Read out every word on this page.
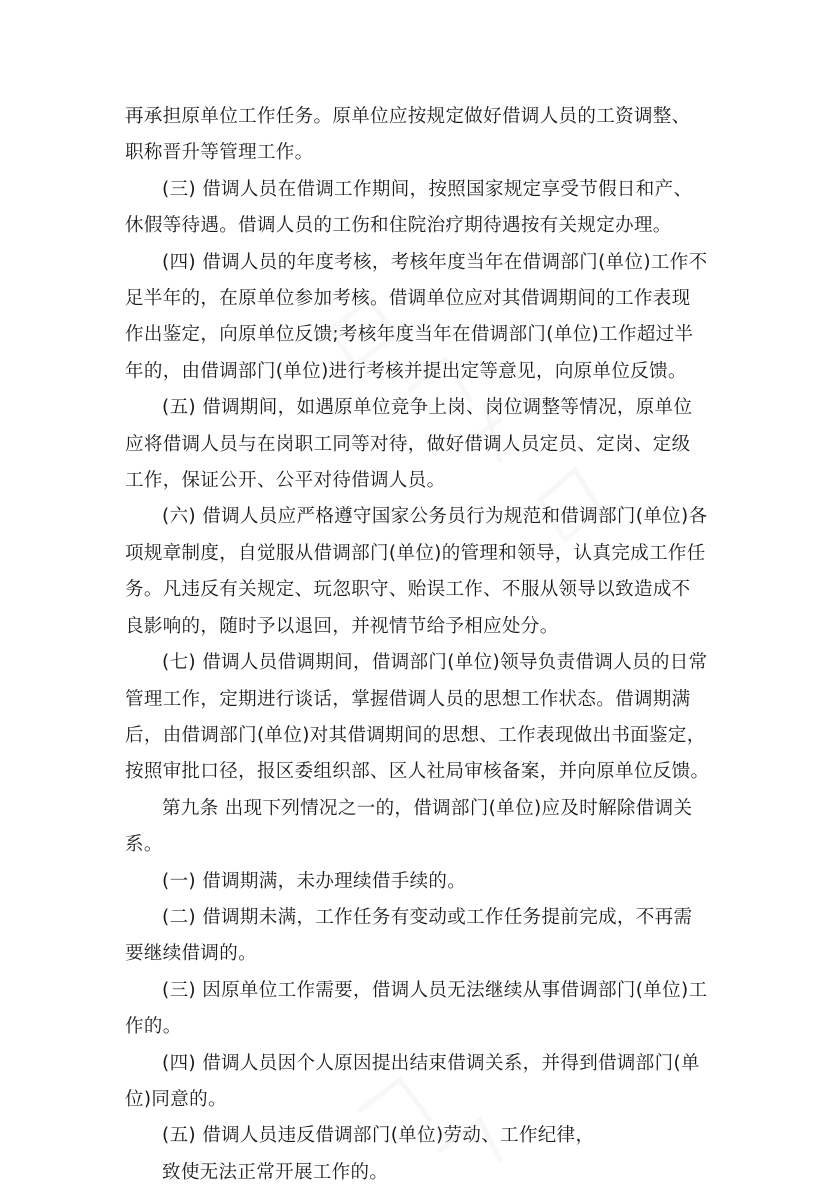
再承担原单位工作任务。原单位应按规定做好借调人员的工资调整、
职称晋升等管理工作。

(三) 借调人员在借调工作期间，按照国家规定享受节假日和产、
休假等待遇。借调人员的工伤和住院治疗期待遇按有关规定办理。

(四) 借调人员的年度考核，考核年度当年在借调部门(单位)工作不
足半年的，在原单位参加考核。借调单位应对其借调期间的工作表现
作出鉴定，向原单位反馈;考核年度当年在借调部门(单位)工作超过半
年的，由借调部门(单位)进行考核并提出定等意见，向原单位反馈。

(五) 借调期间，如遇原单位竞争上岗、岗位调整等情况，原单位
应将借调人员与在岗职工同等对待，做好借调人员定员、定岗、定级
工作，保证公开、公平对待借调人员。

(六) 借调人员应严格遵守国家公务员行为规范和借调部门(单位)各
项规章制度，自觉服从借调部门(单位)的管理和领导，认真完成工作任
务。凡违反有关规定、玩忽职守、贻误工作、不服从领导以致造成不
良影响的，随时予以退回，并视情节给予相应处分。

(七) 借调人员借调期间，借调部门(单位)领导负责借调人员的日常
管理工作，定期进行谈话，掌握借调人员的思想工作状态。借调期满
后，由借调部门(单位)对其借调期间的思想、工作表现做出书面鉴定，
按照审批口径，报区委组织部、区人社局审核备案，并向原单位反馈。

第九条 出现下列情况之一的，借调部门(单位)应及时解除借调关
系。

(一) 借调期满，未办理续借手续的。

(二) 借调期未满，工作任务有变动或工作任务提前完成，不再需
要继续借调的。

(三) 因原单位工作需要，借调人员无法继续从事借调部门(单位)工
作的。

(四) 借调人员因个人原因提出结束借调关系，并得到借调部门(单
位)同意的。

(五) 借调人员违反借调部门(单位)劳动、工作纪律，
致使无法正常开展工作的。
